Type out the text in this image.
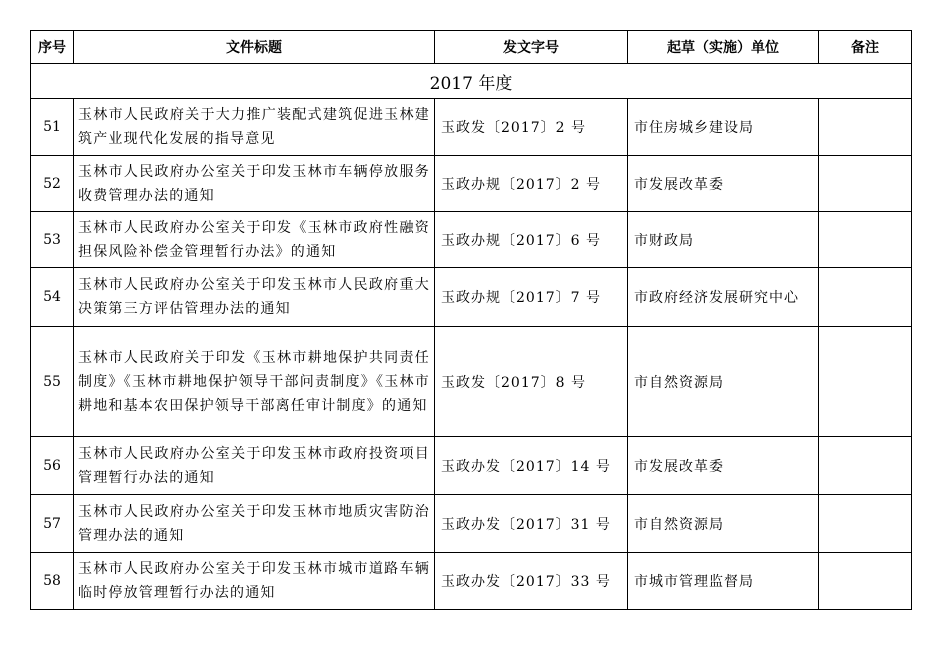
序号	文件标题	发文字号	起草（实施）单位	备注
2017 年度				
51	玉林市人民政府关于大力推广装配式建筑促进玉林建筑产业现代化发展的指导意见	玉政发〔2017〕2 号	市住房城乡建设局	
52	玉林市人民政府办公室关于印发玉林市车辆停放服务收费管理办法的通知	玉政办规〔2017〕2 号	市发展改革委	
53	玉林市人民政府办公室关于印发《玉林市政府性融资担保风险补偿金管理暂行办法》的通知	玉政办规〔2017〕6 号	市财政局	
54	玉林市人民政府办公室关于印发玉林市人民政府重大决策第三方评估管理办法的通知	玉政办规〔2017〕7 号	市政府经济发展研究中心	
55	玉林市人民政府关于印发《玉林市耕地保护共同责任制度》《玉林市耕地保护领导干部问责制度》《玉林市耕地和基本农田保护领导干部离任审计制度》的通知	玉政发〔2017〕8 号	市自然资源局	
56	玉林市人民政府办公室关于印发玉林市政府投资项目管理暂行办法的通知	玉政办发〔2017〕14 号	市发展改革委	
57	玉林市人民政府办公室关于印发玉林市地质灾害防治管理办法的通知	玉政办发〔2017〕31 号	市自然资源局	
58	玉林市人民政府办公室关于印发玉林市城市道路车辆临时停放管理暂行办法的通知	玉政办发〔2017〕33 号	市城市管理监督局	
